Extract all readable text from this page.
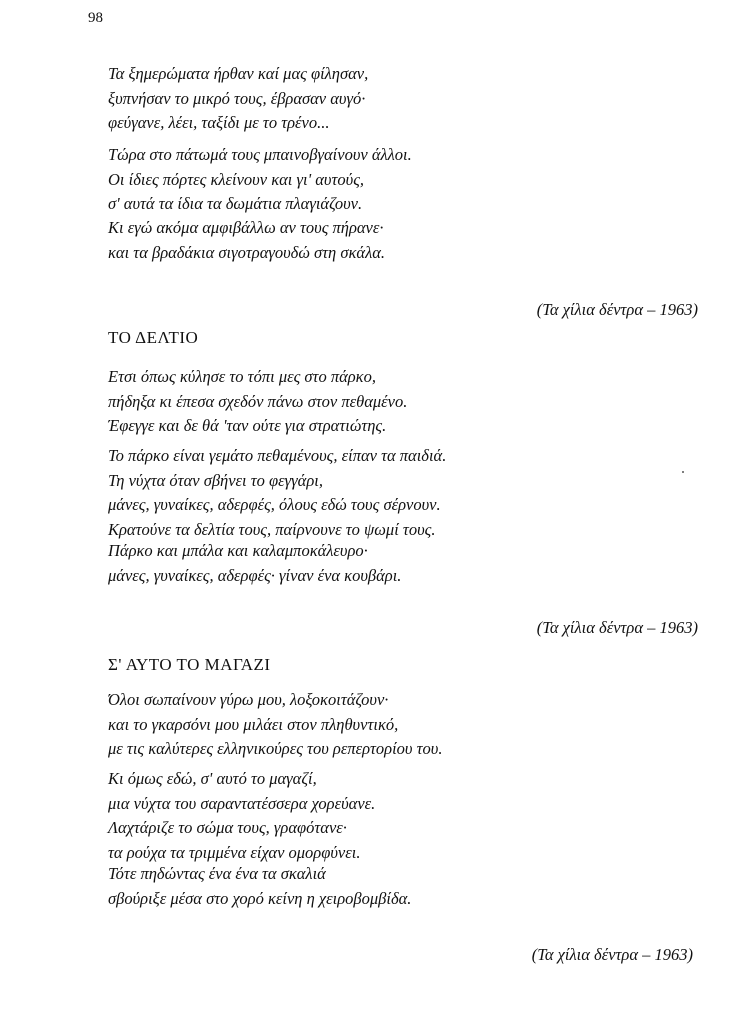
98

Τα ξημερώματα ήρθαν καί μας φίλησαν,
ξυπνήσαν το μικρό τους, έβρασαν αυγό·
φεύγανε, λέει, ταξίδι με το τρένο...

Τώρα στο πάτωμά τους μπαινοβγαίνουν άλλοι.
Οι ίδιες πόρτες κλείνουν και γι' αυτούς,
σ' αυτά τα ίδια τα δωμάτια πλαγιάζουν.

Κι εγώ ακόμα αμφιβάλλω αν τους πήρανε·
και τα βραδάκια σιγοτραγουδώ στη σκάλα.

(Τα χίλια δέντρα – 1963)

ΤΟ ΔΕΛΤΙΟ

Ετσι όπως κύλησε το τόπι μες στο πάρκο,
πήδηξα κι έπεσα σχεδόν πάνω στον πεθαμένο.
Έφεγγε και δε θά 'ταν ούτε για στρατιώτης.

Το πάρκο είναι γεμάτο πεθαμένους, είπαν τα παιδιά.
Τη νύχτα όταν σβήνει το φεγγάρι,
μάνες, γυναίκες, αδερφές, όλους εδώ τους σέρνουν.
Κρατούνε τα δελτία τους, παίρνουνε το ψωμί τους.

Πάρκο και μπάλα και καλαμποκάλευρο·
μάνες, γυναίκες, αδερφές· γίναν ένα κουβάρι.

(Τα χίλια δέντρα – 1963)

Σ' ΑΥΤΟ ΤΟ ΜΑΓΑΖΙ

Όλοι σωπαίνουν γύρω μου, λοξοκοιτάζουν·
και το γκαρσόνι μου μιλάει στον πληθυντικό,
με τις καλύτερες ελληνικούρες του ρεπερτορίου του.

Κι όμως εδώ, σ' αυτό το μαγαζί,
μια νύχτα του σαραντατέσσερα χορεύανε.
Λαχτάριζε το σώμα τους, γραφότανε·
τα ρούχα τα τριμμένα είχαν ομορφύνει.

Τότε πηδώντας ένα ένα τα σκαλιά
σβούριξε μέσα στο χορό κείνη η χειροβομβίδα.

(Τα χίλια δέντρα – 1963)
